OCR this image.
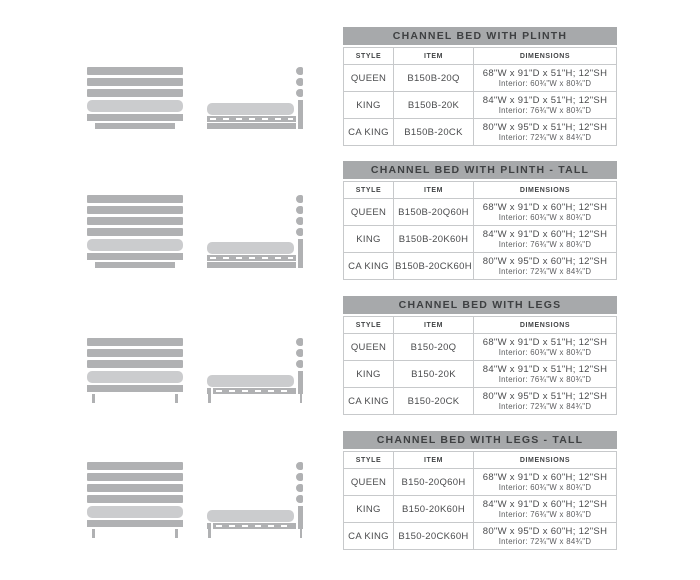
CHANNEL BED WITH PLINTH
STYLE	ITEM	DIMENSIONS
QUEEN	B150B-20Q	68"W x 91"D x 51"H; 12"SH
Interior: 60¾"W x 80¾"D
KING	B150B-20K	84"W x 91"D x 51"H; 12"SH
Interior: 76¾"W x 80¾"D
CA KING	B150B-20CK	80"W x 95"D x 51"H; 12"SH
Interior: 72¾"W x 84¾"D
CHANNEL BED WITH PLINTH - TALL
STYLE	ITEM	DIMENSIONS
QUEEN	B150B-20Q60H	68"W x 91"D x 60"H; 12"SH
Interior: 60¾"W x 80¾"D
KING	B150B-20K60H	84"W x 91"D x 60"H; 12"SH
Interior: 76¾"W x 80¾"D
CA KING B150B-20CK60H 80"W x 95"D x 60"H; 12"SH
Interior: 72¾"W x 84¾"D
CHANNEL BED WITH LEGS
STYLE	ITEM	DIMENSIONS
QUEEN	B150-20Q	68"W x 91"D x 51"H; 12"SH
Interior: 60¾"W x 80¾"D
KING	B150-20K	84"W x 91"D x 51"H; 12"SH
Interior: 76¾"W x 80¾"D
CA KING	B150-20CK	80"W x 95"D x 51"H; 12"SH
Interior: 72¾"W x 84¾"D
CHANNEL BED WITH LEGS - TALL
STYLE	ITEM	DIMENSIONS
QUEEN	B150-20Q60H	68"W x 91"D x 60"H; 12"SH
Interior: 60¾"W x 80¾"D
KING	B150-20K60H	84"W x 91"D x 60"H; 12"SH
Interior: 76¾"W x 80¾"D
CA KING	B150-20CK60H	80"W x 95"D x 60"H; 12"SH
Interior: 72¾"W x 84¾"D
